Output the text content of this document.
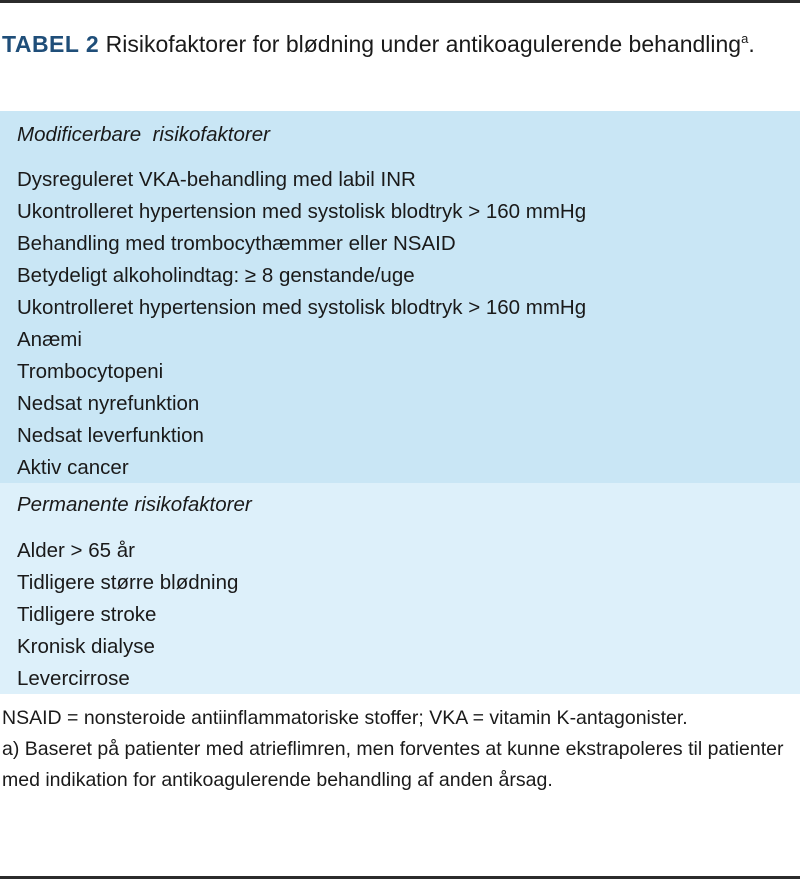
TABEL 2 Risikofaktorer for blødning under antikoagulerende behandling$^a$.
Modificerbare  risikofaktorer
Dysreguleret VKA-behandling med labil INR
Ukontrolleret hypertension med systolisk blodtryk > 160 mmHg
Behandling med trombocythæmmer eller NSAID
Betydeligt alkoholindtag: ≥ 8 genstande/uge
Ukontrolleret hypertension med systolisk blodtryk > 160 mmHg
Anæmi
Trombocytopeni
Nedsat nyrefunktion
Nedsat leverfunktion
Aktiv cancer
Permanente risikofaktorer
Alder > 65 år
Tidligere større blødning
Tidligere stroke
Kronisk dialyse
Levercirrose

NSAID = nonsteroide antiinflammatoriske stoffer; VKA = vitamin K-antagonister.

a) Baseret på patienter med atrieflimren, men forventes at kunne ekstrapoleres til patienter med indikation for antikoagulerende behandling af anden årsag.
